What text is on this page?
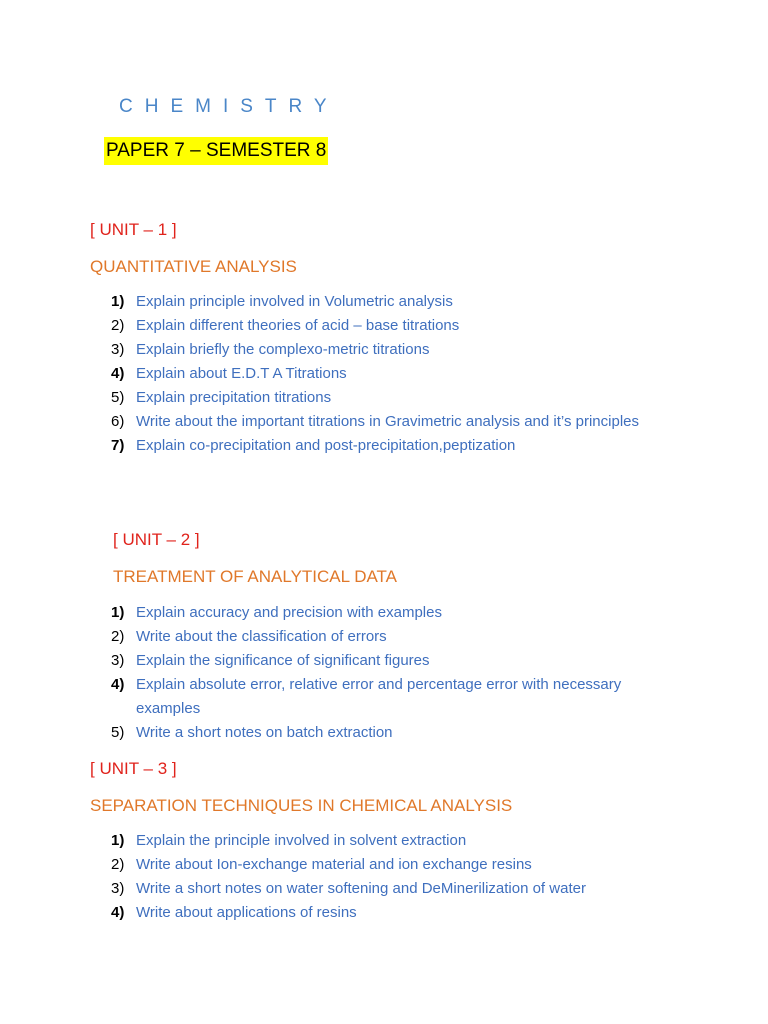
CHEMISTRY
PAPER 7 – SEMESTER 8
[ UNIT – 1 ]
QUANTITATIVE ANALYSIS
1) Explain principle involved in Volumetric analysis
2) Explain different theories of acid – base titrations
3) Explain briefly the complexo-metric titrations
4) Explain about E.D.T A Titrations
5) Explain precipitation titrations
6) Write about the important titrations in Gravimetric analysis and it’s principles
7) Explain co-precipitation and post-precipitation,peptization
[ UNIT – 2 ]
TREATMENT OF ANALYTICAL DATA
1) Explain accuracy and precision with examples
2) Write about the classification of errors
3) Explain the significance of significant figures
4) Explain absolute error, relative error and percentage error with necessary examples
5) Write a short notes on batch extraction
[ UNIT – 3 ]
SEPARATION TECHNIQUES IN CHEMICAL ANALYSIS
1) Explain the principle involved in solvent extraction
2) Write about Ion-exchange material and ion exchange resins
3) Write a short notes on water softening and DeMinerilization of water
4) Write about applications of resins
